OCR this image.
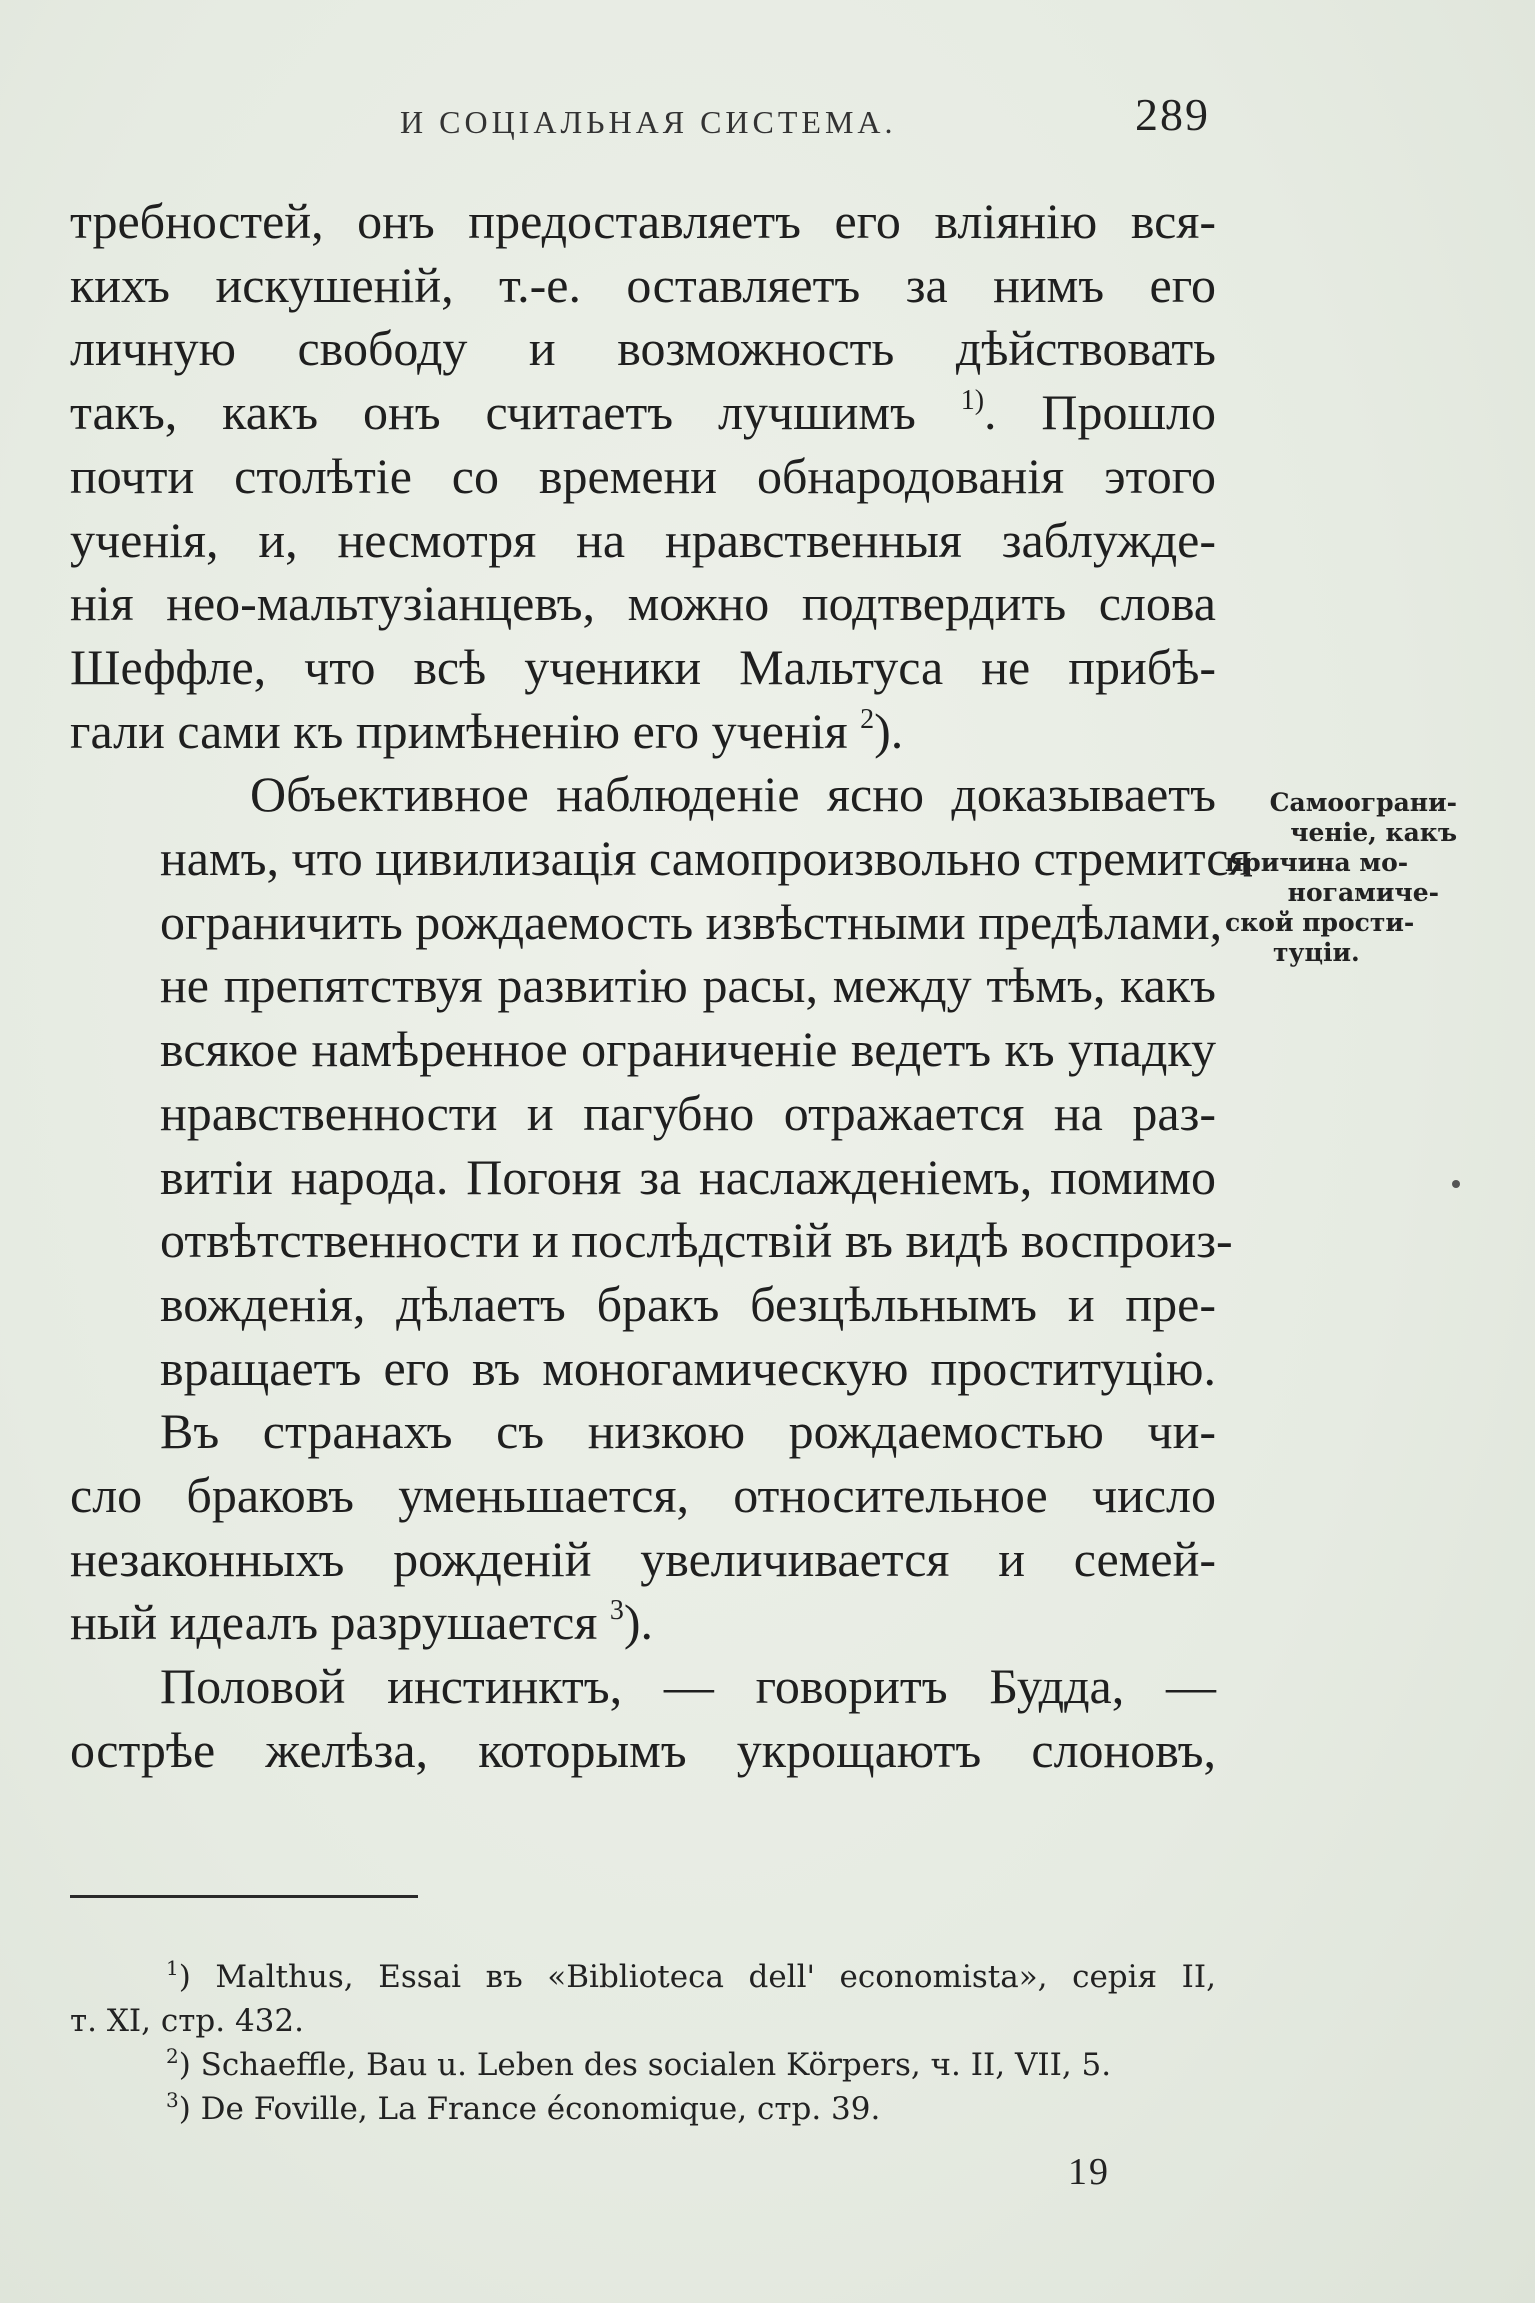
И СОЦІАЛЬНАЯ СИСТЕМА.	289

требностей, онъ предоставляетъ его вліянію вся-
кихъ искушеній, т.-е. оставляетъ за нимъ его
личную свободу и возможность дѣйствовать
такъ, какъ онъ считаетъ лучшимъ $^{1)}$. Прошло
почти столѣтіе со времени обнародованія этого
ученія, и, несмотря на нравственныя заблужде-
нія нео-мальтузіанцевъ, можно подтвердить слова
Шеффле, что всѣ ученики Мальтуса не прибѣ-
гали сами къ примѣненію его ученія $^2$).

Объективное наблюденіе ясно доказываетъ
намъ, что цивилизація самопроизвольно стремится
ограничить рождаемость извѣстными предѣлами,
не препятствуя развитію расы, между тѣмъ, какъ
всякое намѣренное ограниченіе ведетъ къ упадку
нравственности и пагубно отражается на раз-
витіи народа. Погоня за наслажденіемъ, помимо
отвѣтственности и послѣдствій въ видѣ воспроиз-
вожденія, дѣлаетъ бракъ безцѣльнымъ и пре-
вращаетъ его въ моногамическую проституцію.

Въ странахъ съ низкою рождаемостью чи-
сло браковъ уменьшается, относительное число
незаконныхъ рожденій увеличивается и семей-
ный идеалъ разрушается $^3$).

Половой инстинктъ, — говоритъ Будда, —
острѣе желѣза, которымъ укрощаютъ слоновъ,

Самоограни-
ченіе, какъ
причина мо-
ногамиче-
ской прости-
туціи.
$^1$) Malthus, Essai въ «Biblioteca dell' economista», серія II,
т. XI, стр. 432.
$^2$) Schaeffle, Bau u. Leben des socialen Körpers, ч. II, VII, 5.
$^3$) De Foville, La France économique, стр. 39.
19
